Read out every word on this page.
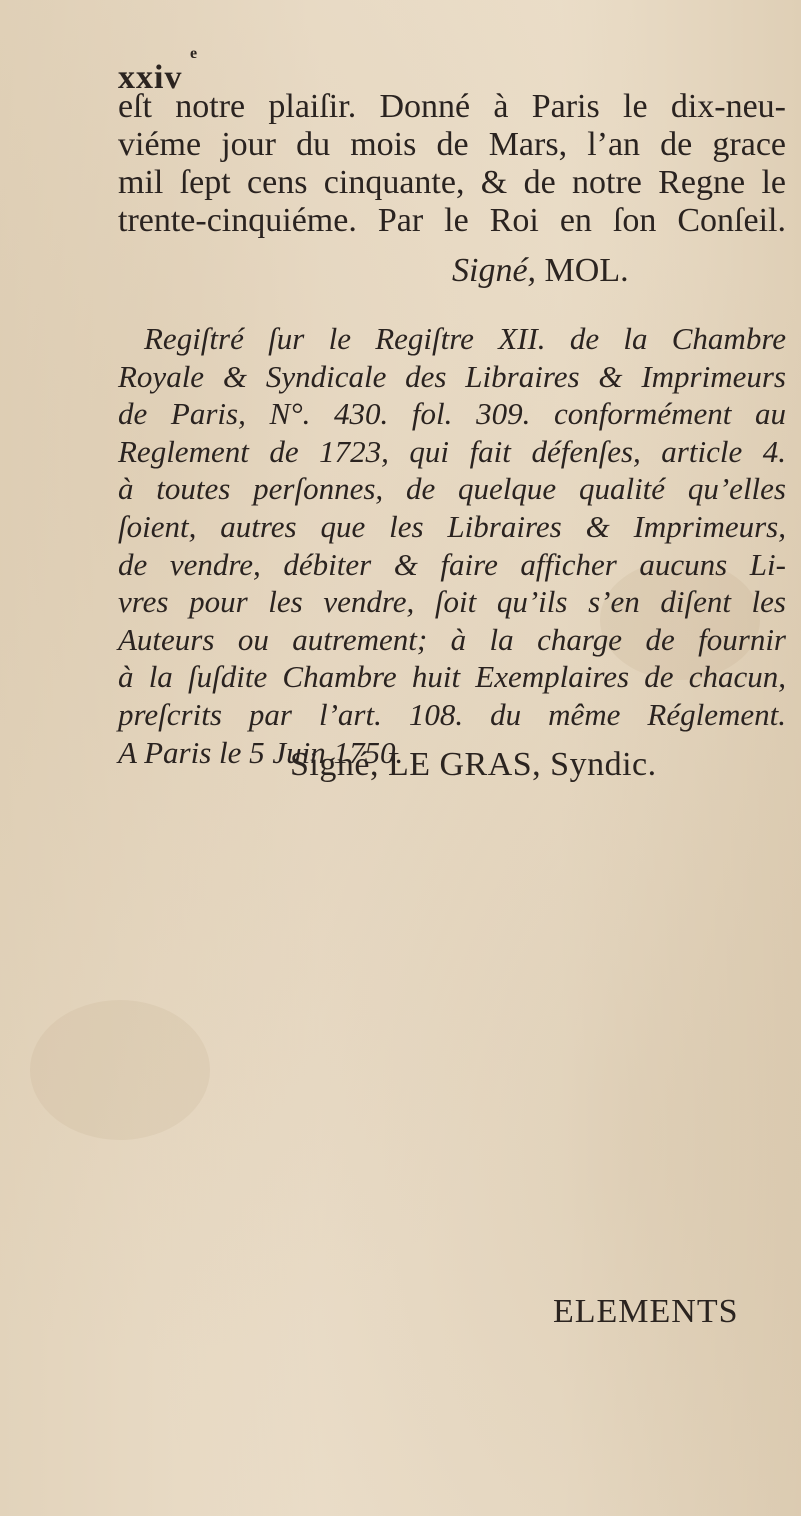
e
xxiv
eſt notre plaiſir. Donné à Paris le dix-neu-
viéme jour du mois de Mars, l’an de grace
mil ſept cens cinquante, & de notre Regne le
trente-cinquiéme. Par le Roi en ſon Conſeil.
Signé, MOL.
Regiſtré ſur le Regiſtre XII. de la Chambre
Royale & Syndicale des Libraires & Imprimeurs
de Paris, N°. 430. fol. 309. conformément au
Reglement de 1723, qui fait défenſes, article 4.
à toutes perſonnes, de quelque qualité qu’elles
ſoient, autres que les Libraires & Imprimeurs,
de vendre, débiter & faire afficher aucuns Li-
vres pour les vendre, ſoit qu’ils s’en diſent les
Auteurs ou autrement; à la charge de fournir
à la ſuſdite Chambre huit Exemplaires de chacun,
preſcrits par l’art. 108. du même Réglement.
A Paris le 5 Juin 1750.
Signé, LE GRAS, Syndic.
ELEMENTS
